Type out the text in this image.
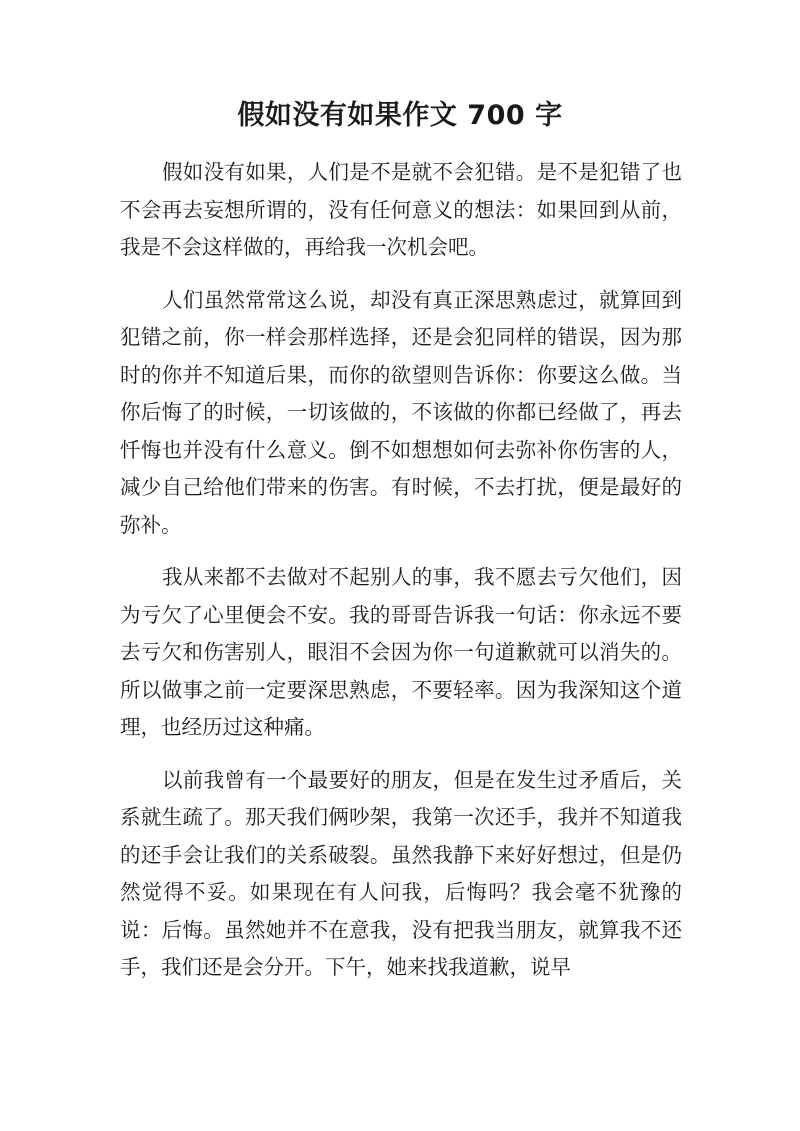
假如没有如果作文 700 字

假如没有如果，人们是不是就不会犯错。是不是犯错了也不会再去妄想所谓的，没有任何意义的想法：如果回到从前，我是不会这样做的，再给我一次机会吧。

人们虽然常常这么说，却没有真正深思熟虑过，就算回到犯错之前，你一样会那样选择，还是会犯同样的错误，因为那时的你并不知道后果，而你的欲望则告诉你：你要这么做。当你后悔了的时候，一切该做的，不该做的你都已经做了，再去忏悔也并没有什么意义。倒不如想想如何去弥补你伤害的人，减少自己给他们带来的伤害。有时候，不去打扰，便是最好的弥补。

我从来都不去做对不起别人的事，我不愿去亏欠他们，因为亏欠了心里便会不安。我的哥哥告诉我一句话：你永远不要去亏欠和伤害别人，眼泪不会因为你一句道歉就可以消失的。所以做事之前一定要深思熟虑，不要轻率。因为我深知这个道理，也经历过这种痛。

以前我曾有一个最要好的朋友，但是在发生过矛盾后，关系就生疏了。那天我们俩吵架，我第一次还手，我并不知道我的还手会让我们的关系破裂。虽然我静下来好好想过，但是仍然觉得不妥。如果现在有人问我，后悔吗？我会毫不犹豫的说：后悔。虽然她并不在意我，没有把我当朋友，就算我不还手，我们还是会分开。下午，她来找我道歉，说早
